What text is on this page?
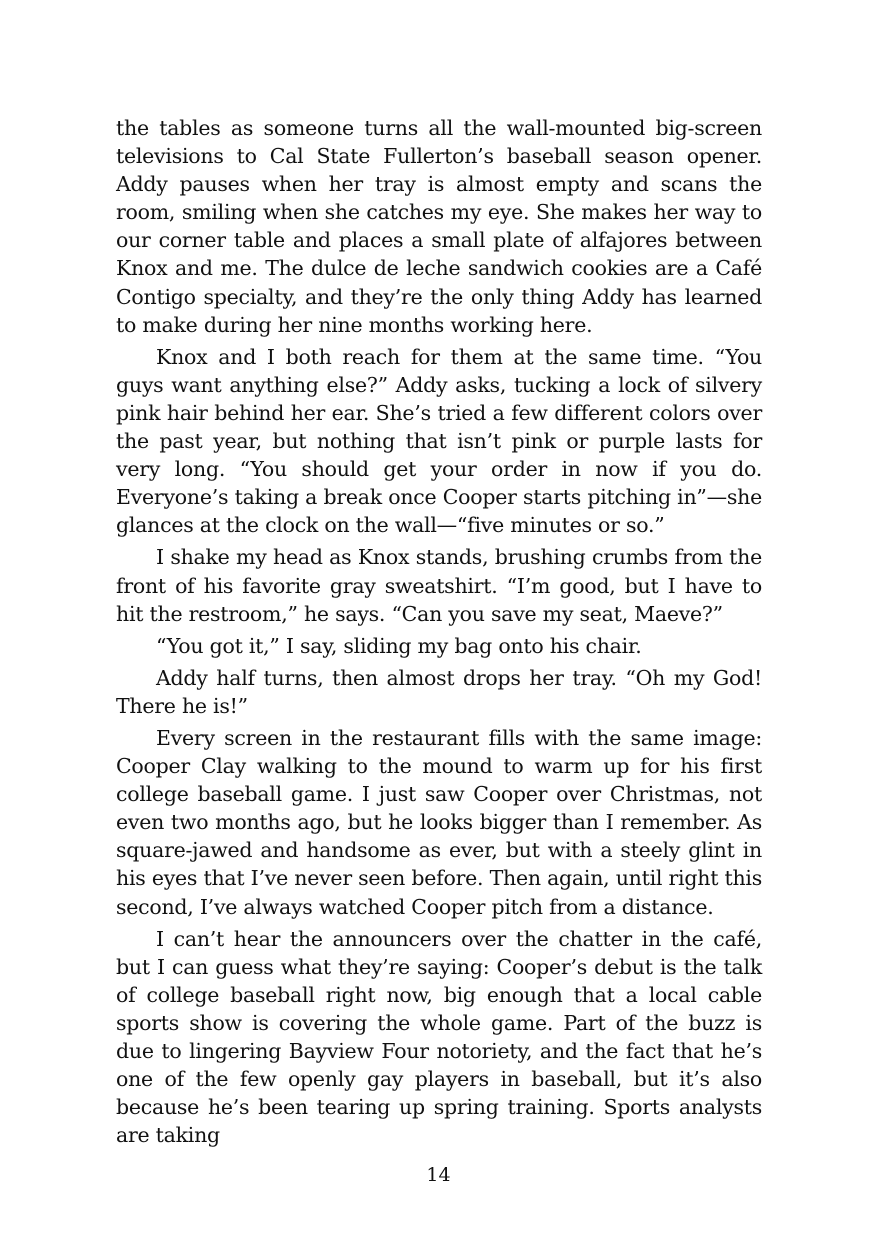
the tables as someone turns all the wall-mounted big-screen televisions to Cal State Fullerton’s baseball season opener. Addy pauses when her tray is almost empty and scans the room, smiling when she catches my eye. She makes her way to our corner table and places a small plate of alfajores between Knox and me. The dulce de leche sandwich cookies are a Café Contigo specialty, and they’re the only thing Addy has learned to make during her nine months working here.

Knox and I both reach for them at the same time. “You guys want anything else?” Addy asks, tucking a lock of silvery pink hair behind her ear. She’s tried a few different colors over the past year, but nothing that isn’t pink or purple lasts for very long. “You should get your order in now if you do. Everyone’s taking a break once Cooper starts pitching in”—she glances at the clock on the wall—“five minutes or so.”

I shake my head as Knox stands, brushing crumbs from the front of his favorite gray sweatshirt. “I’m good, but I have to hit the restroom,” he says. “Can you save my seat, Maeve?”

“You got it,” I say, sliding my bag onto his chair.

Addy half turns, then almost drops her tray. “Oh my God! There he is!”

Every screen in the restaurant fills with the same image: Cooper Clay walking to the mound to warm up for his first college baseball game. I just saw Cooper over Christmas, not even two months ago, but he looks bigger than I remember. As square-jawed and handsome as ever, but with a steely glint in his eyes that I’ve never seen before. Then again, until right this second, I’ve always watched Cooper pitch from a distance.

I can’t hear the announcers over the chatter in the café, but I can guess what they’re saying: Cooper’s debut is the talk of college baseball right now, big enough that a local cable sports show is covering the whole game. Part of the buzz is due to lingering Bayview Four notoriety, and the fact that he’s one of the few openly gay players in baseball, but it’s also because he’s been tearing up spring training. Sports analysts are taking

14
